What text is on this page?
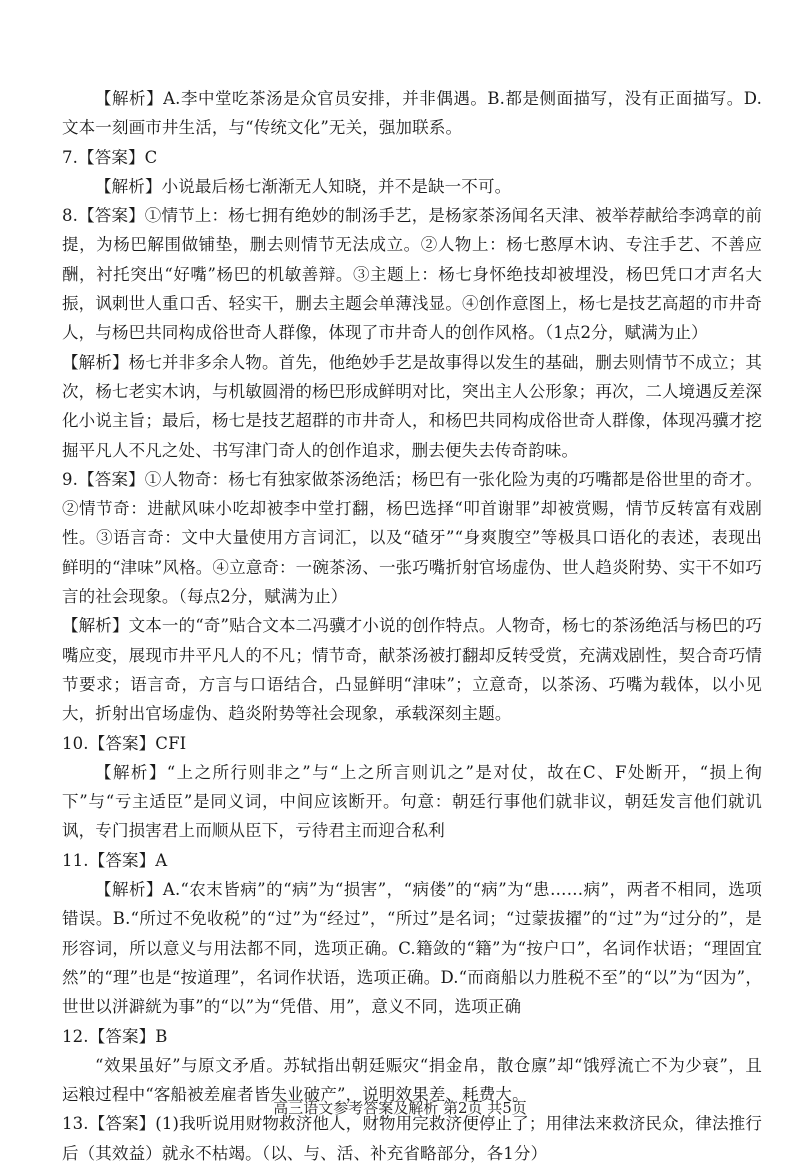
【解析】A.李中堂吃茶汤是众官员安排，并非偶遇。B.都是侧面描写，没有正面描写。D.文本一刻画市井生活，与“传统文化”无关，强加联系。

7.【答案】C

【解析】小说最后杨七渐渐无人知晓，并不是缺一不可。

8.【答案】①情节上：杨七拥有绝妙的制汤手艺，是杨家茶汤闻名天津、被举荐献给李鸿章的前提，为杨巴解围做铺垫，删去则情节无法成立。②人物上：杨七憨厚木讷、专注手艺、不善应酬，衬托突出“好嘴”杨巴的机敏善辩。③主题上：杨七身怀绝技却被埋没，杨巴凭口才声名大振，讽刺世人重口舌、轻实干，删去主题会单薄浅显。④创作意图上，杨七是技艺高超的市井奇人，与杨巴共同构成俗世奇人群像，体现了市井奇人的创作风格。（1点2分，赋满为止）

【解析】杨七并非多余人物。首先，他绝妙手艺是故事得以发生的基础，删去则情节不成立；其次，杨七老实木讷，与机敏圆滑的杨巴形成鲜明对比，突出主人公形象；再次，二人境遇反差深化小说主旨；最后，杨七是技艺超群的市井奇人，和杨巴共同构成俗世奇人群像，体现冯骥才挖掘平凡人不凡之处、书写津门奇人的创作追求，删去便失去传奇韵味。

9.【答案】①人物奇：杨七有独家做茶汤绝活；杨巴有一张化险为夷的巧嘴都是俗世里的奇才。②情节奇：进献风味小吃却被李中堂打翻，杨巴选择“叩首谢罪”却被赏赐，情节反转富有戏剧性。③语言奇：文中大量使用方言词汇，以及“碴牙”“身爽腹空”等极具口语化的表述，表现出鲜明的“津味”风格。④立意奇：一碗茶汤、一张巧嘴折射官场虚伪、世人趋炎附势、实干不如巧言的社会现象。（每点2分，赋满为止）

【解析】文本一的“奇”贴合文本二冯骥才小说的创作特点。人物奇，杨七的茶汤绝活与杨巴的巧嘴应变，展现市井平凡人的不凡；情节奇，献茶汤被打翻却反转受赏，充满戏剧性，契合奇巧情节要求；语言奇，方言与口语结合，凸显鲜明“津味”；立意奇，以茶汤、巧嘴为载体，以小见大，折射出官场虚伪、趋炎附势等社会现象，承载深刻主题。

10.【答案】CFI

【解析】“上之所行则非之”与“上之所言则讥之”是对仗，故在C、F处断开，“损上徇下”与“亏主适臣”是同义词，中间应该断开。句意：朝廷行事他们就非议，朝廷发言他们就讥讽，专门损害君上而顺从臣下，亏待君主而迎合私利

11.【答案】A

【解析】A.“农末皆病”的“病”为“损害”，“病偻”的“病”为“患……病”，两者不相同，选项错误。B.“所过不免收税”的“过”为“经过”，“所过”是名词；“过蒙拔擢”的“过”为“过分的”，是形容词，所以意义与用法都不同，选项正确。C.籍敛的“籍”为“按户口”，名词作状语；“理固宜然”的“理”也是“按道理”，名词作状语，选项正确。D.“而商船以力胜税不至”的“以”为“因为”，世世以洴澼絖为事”的“以”为“凭借、用”，意义不同，选项正确

12.【答案】B

“效果虽好”与原文矛盾。苏轼指出朝廷赈灾“捐金帛，散仓廪”却“饿殍流亡不为少衰”，且运粮过程中“客船被差雇者皆失业破产”，说明效果差、耗费大。

13.【答案】(1)我听说用财物救济他人，财物用完救济便停止了；用律法来救济民众，律法推行后（其效益）就永不枯竭。（以、与、活、补充省略部分，各1分）

高三语文参考答案及解析 第2页 共5页
